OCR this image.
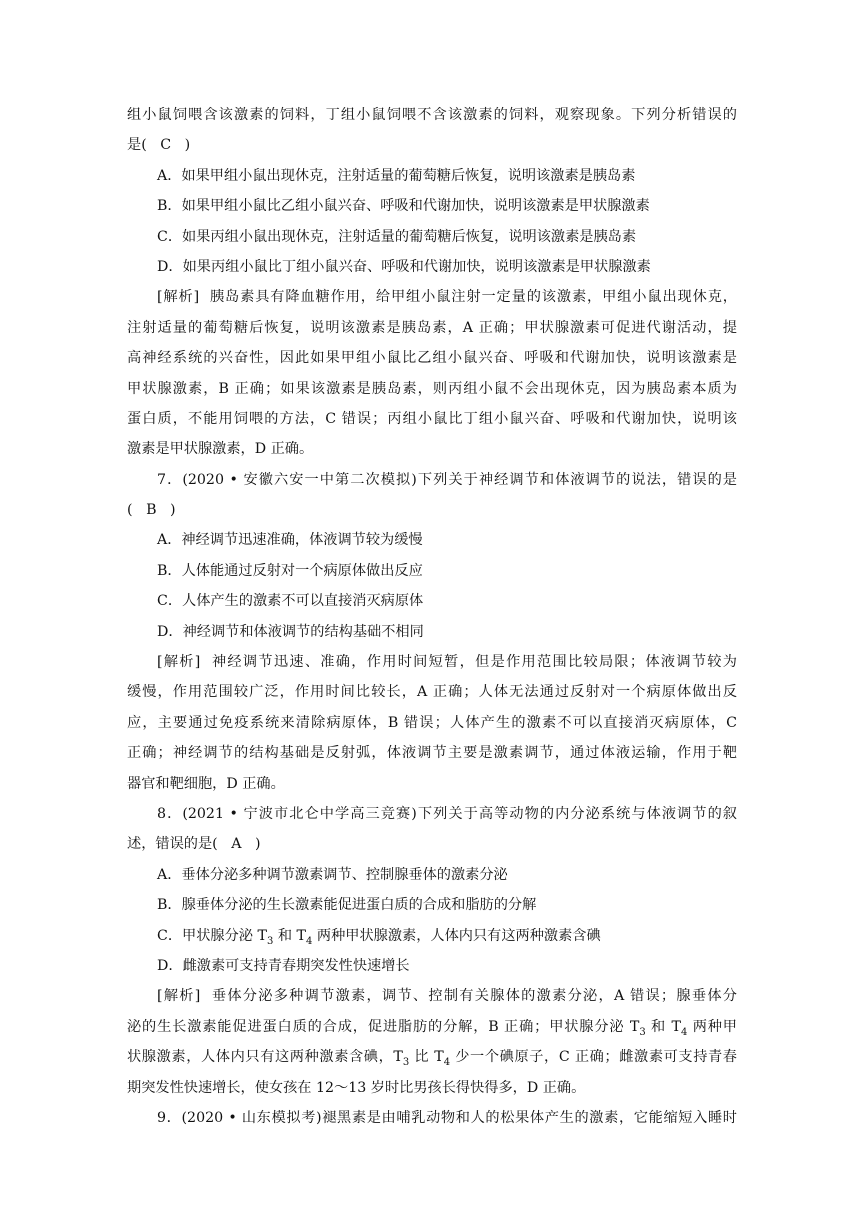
组小鼠饲喂含该激素的饲料，丁组小鼠饲喂不含该激素的饲料，观察现象。下列分析错误的
是( C )
A．如果甲组小鼠出现休克，注射适量的葡萄糖后恢复，说明该激素是胰岛素
B．如果甲组小鼠比乙组小鼠兴奋、呼吸和代谢加快，说明该激素是甲状腺激素
C．如果丙组小鼠出现休克，注射适量的葡萄糖后恢复，说明该激素是胰岛素
D．如果丙组小鼠比丁组小鼠兴奋、呼吸和代谢加快，说明该激素是甲状腺激素
[解析] 胰岛素具有降血糖作用，给甲组小鼠注射一定量的该激素，甲组小鼠出现休克，
注射适量的葡萄糖后恢复，说明该激素是胰岛素，A 正确；甲状腺激素可促进代谢活动，提
高神经系统的兴奋性，因此如果甲组小鼠比乙组小鼠兴奋、呼吸和代谢加快，说明该激素是
甲状腺激素，B 正确；如果该激素是胰岛素，则丙组小鼠不会出现休克，因为胰岛素本质为
蛋白质，不能用饲喂的方法，C 错误；丙组小鼠比丁组小鼠兴奋、呼吸和代谢加快，说明该
激素是甲状腺激素，D 正确。
7．(2020 • 安徽六安一中第二次模拟)下列关于神经调节和体液调节的说法，错误的是
( B )
A．神经调节迅速准确，体液调节较为缓慢
B．人体能通过反射对一个病原体做出反应
C．人体产生的激素不可以直接消灭病原体
D．神经调节和体液调节的结构基础不相同
[解析] 神经调节迅速、准确，作用时间短暂，但是作用范围比较局限；体液调节较为
缓慢，作用范围较广泛，作用时间比较长，A 正确；人体无法通过反射对一个病原体做出反
应，主要通过免疫系统来清除病原体，B 错误；人体产生的激素不可以直接消灭病原体，C
正确；神经调节的结构基础是反射弧，体液调节主要是激素调节，通过体液运输，作用于靶
器官和靶细胞，D 正确。
8．(2021 • 宁波市北仑中学高三竞赛)下列关于高等动物的内分泌系统与体液调节的叙
述，错误的是( A )
A．垂体分泌多种调节激素调节、控制腺垂体的激素分泌
B．腺垂体分泌的生长激素能促进蛋白质的合成和脂肪的分解
C．甲状腺分泌 $T_3$ 和 $T_4$ 两种甲状腺激素，人体内只有这两种激素含碘
D．雌激素可支持青春期突发性快速增长
[解析] 垂体分泌多种调节激素，调节、控制有关腺体的激素分泌，A 错误；腺垂体分
泌的生长激素能促进蛋白质的合成，促进脂肪的分解，B 正确；甲状腺分泌 $T_3$ 和 $T_4$ 两种甲
状腺激素，人体内只有这两种激素含碘，$T_3$ 比 $T_4$ 少一个碘原子，C 正确；雌激素可支持青春
期突发性快速增长，使女孩在 12～13 岁时比男孩长得快得多，D 正确。
9．(2020 • 山东模拟考)褪黑素是由哺乳动物和人的松果体产生的激素，它能缩短入睡时
